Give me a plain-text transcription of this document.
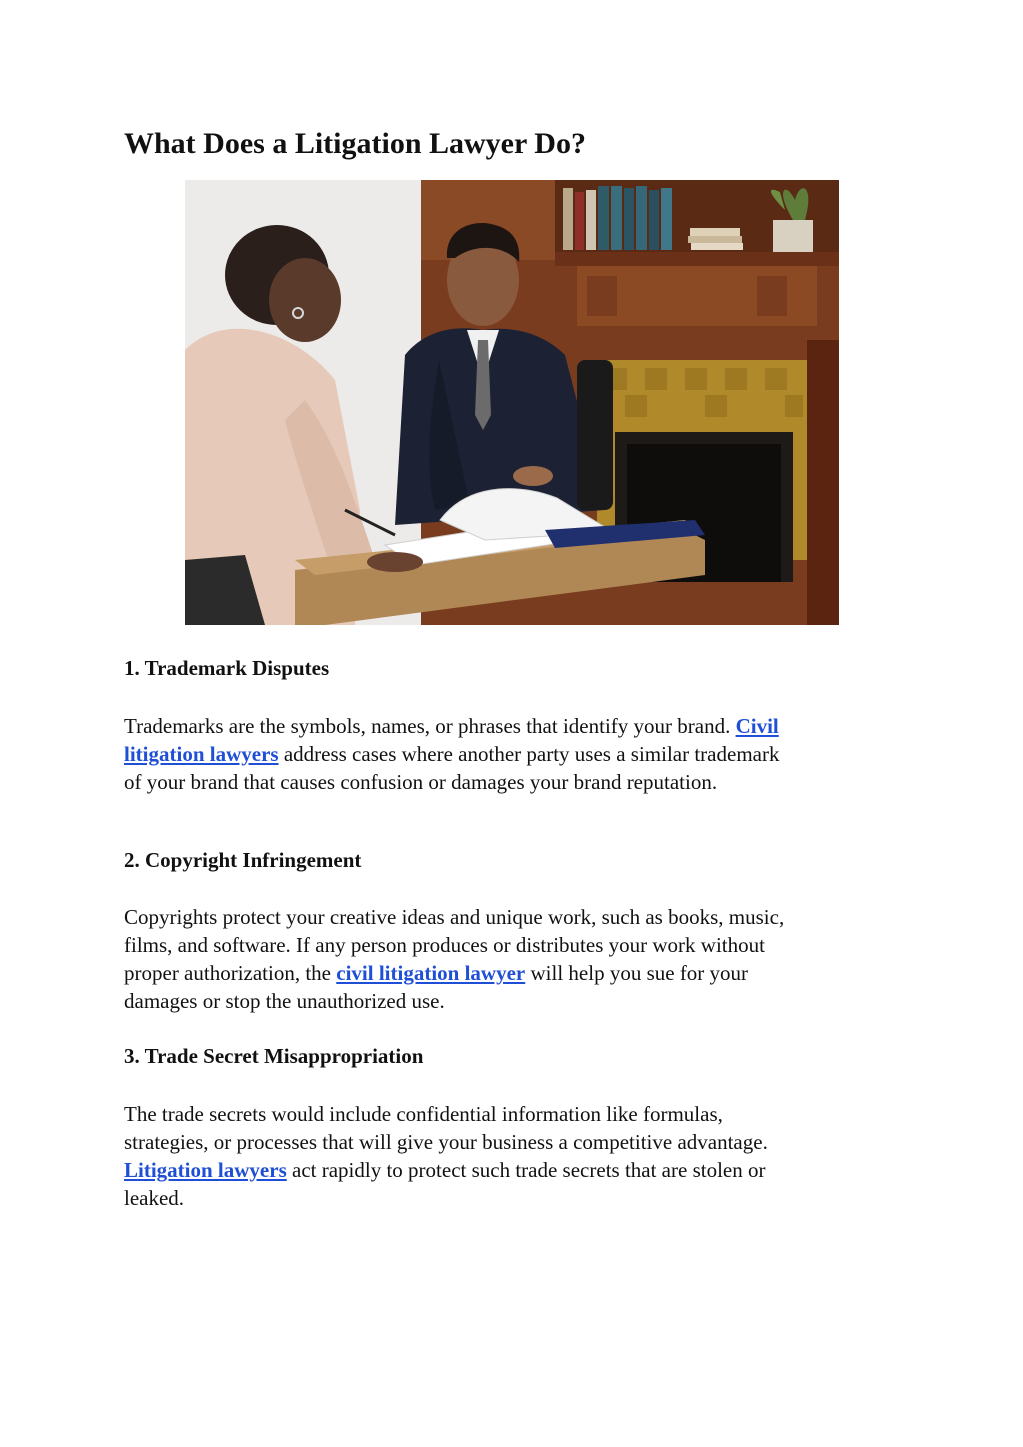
What Does a Litigation Lawyer Do?
1. Trademark Disputes

Trademarks are the symbols, names, or phrases that identify your brand. Civil
litigation lawyers address cases where another party uses a similar trademark
of your brand that causes confusion or damages your brand reputation.

2. Copyright Infringement

Copyrights protect your creative ideas and unique work, such as books, music,
films, and software. If any person produces or distributes your work without
proper authorization, the civil litigation lawyer will help you sue for your
damages or stop the unauthorized use.

3. Trade Secret Misappropriation

The trade secrets would include confidential information like formulas,
strategies, or processes that will give your business a competitive advantage.
Litigation lawyers act rapidly to protect such trade secrets that are stolen or
leaked.
